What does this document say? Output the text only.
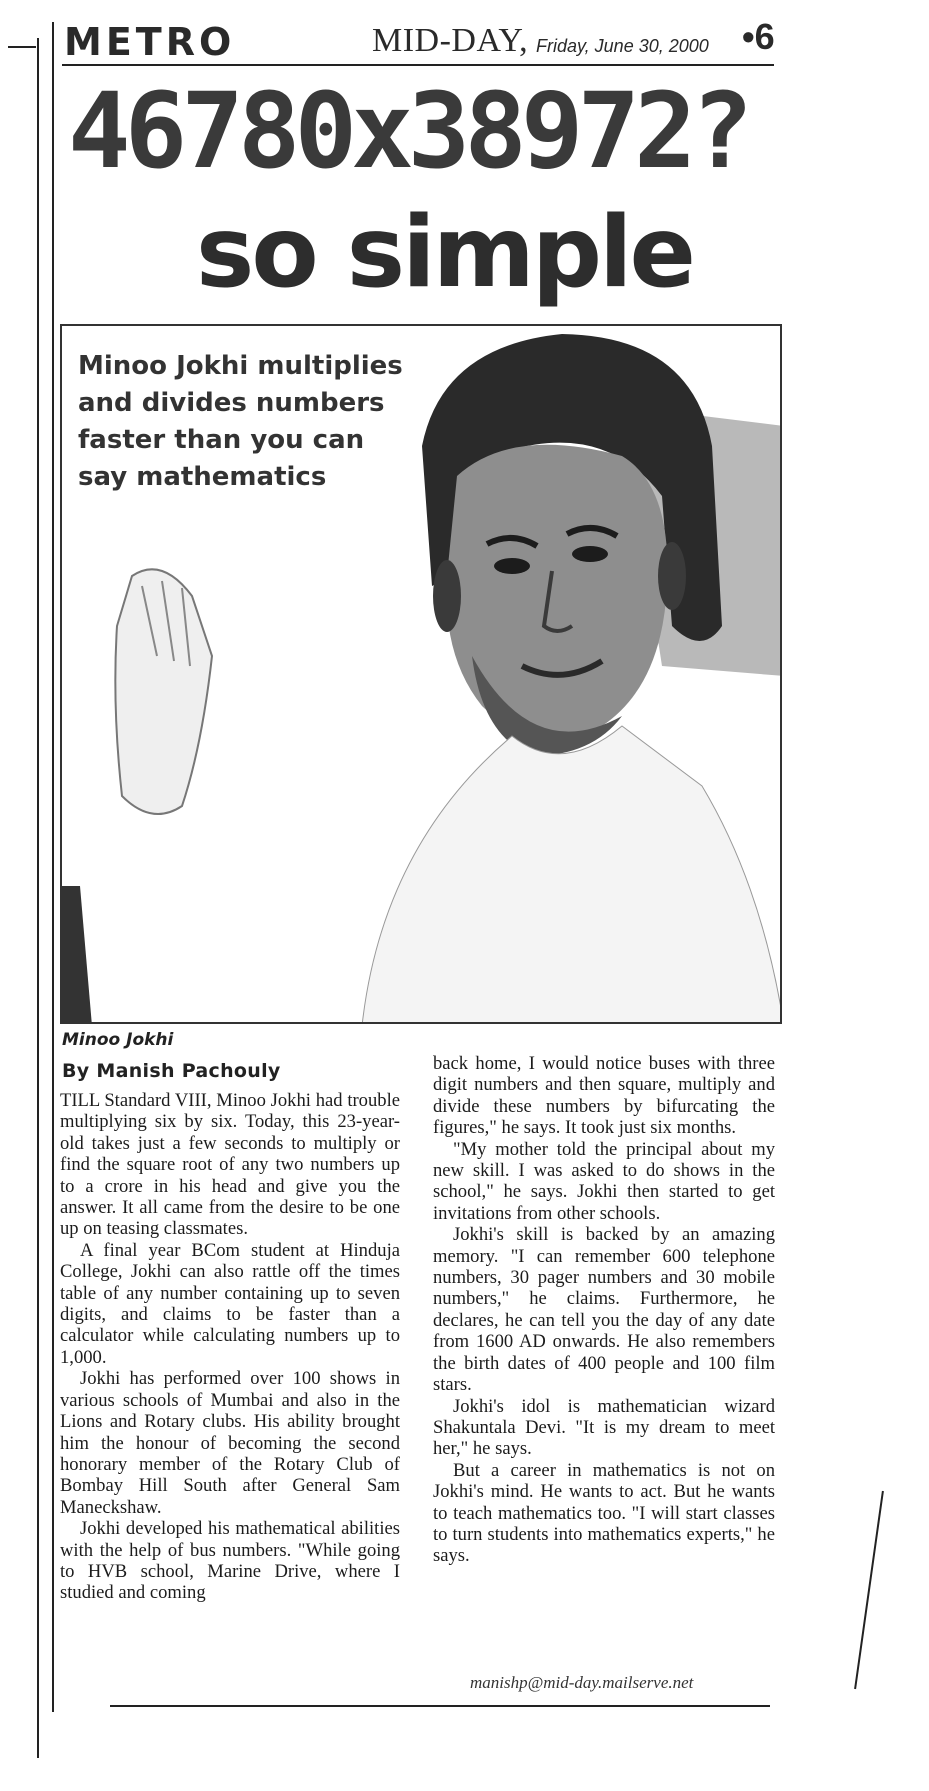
METRO	MID-DAY, Friday, June 30, 2000 •6
46780x38972?
so simple
Minoo Jokhi multiplies and divides numbers faster than you can say mathematics
Minoo Jokhi
By Manish Pachouly

TILL Standard VIII, Minoo Jokhi had trouble multiplying six by six. Today, this 23-year-old takes just a few seconds to multiply or find the square root of any two numbers up to a crore in his head and give you the answer. It all came from the desire to be one up on teasing classmates.

A final year BCom student at Hinduja College, Jokhi can also rattle off the times table of any number containing up to seven digits, and claims to be faster than a calculator while calculating numbers up to 1,000.

Jokhi has performed over 100 shows in various schools of Mumbai and also in the Lions and Rotary clubs. His ability brought him the honour of becoming the second honorary member of the Rotary Club of Bombay Hill South after General Sam Maneckshaw.

Jokhi developed his mathematical abilities with the help of bus numbers. "While going to HVB school, Marine Drive, where I studied and coming

back home, I would notice buses with three digit numbers and then square, multiply and divide these numbers by bifurcating the figures," he says. It took just six months.

"My mother told the principal about my new skill. I was asked to do shows in the school," he says. Jokhi then started to get invitations from other schools.

Jokhi's skill is backed by an amazing memory. "I can remember 600 telephone numbers, 30 pager numbers and 30 mobile numbers," he claims. Furthermore, he declares, he can tell you the day of any date from 1600 AD onwards. He also remembers the birth dates of 400 people and 100 film stars.

Jokhi's idol is mathematician wizard Shakuntala Devi. "It is my dream to meet her," he says.

But a career in mathematics is not on Jokhi's mind. He wants to act. But he wants to teach mathematics too. "I will start classes to turn students into mathematics experts," he says.

manishp@mid-day.mailserve.net
